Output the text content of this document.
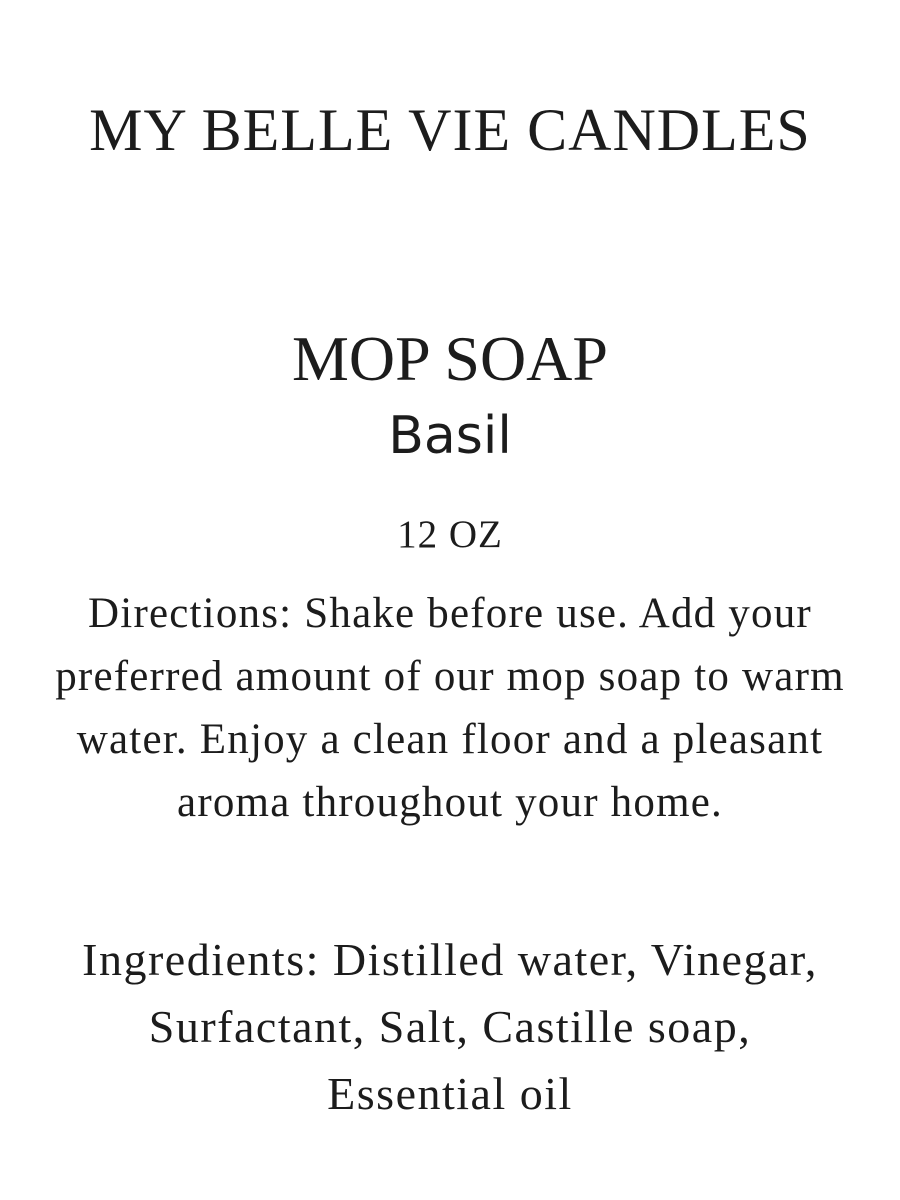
MY BELLE VIE CANDLES
MOP SOAP
Basil
12 OZ
Directions: Shake before use. Add your
preferred amount of our mop soap to warm
water. Enjoy a clean floor and a pleasant
aroma throughout your home.
Ingredients: Distilled water, Vinegar,
Surfactant, Salt, Castille soap,
Essential oil
